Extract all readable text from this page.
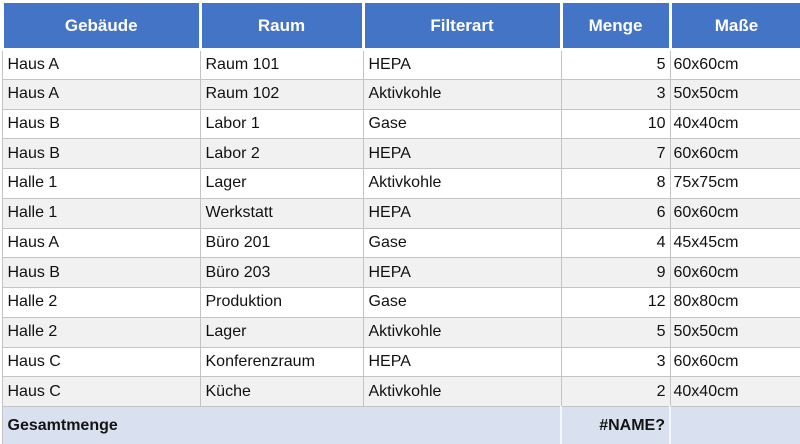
Gebäude	Raum	Filterart	Menge	Maße
Haus A	Raum 101	HEPA	5	60x60cm
Haus A	Raum 102	Aktivkohle	3	50x50cm
Haus B	Labor 1	Gase	10	40x40cm
Haus B	Labor 2	HEPA	7	60x60cm
Halle 1	Lager	Aktivkohle	8	75x75cm
Halle 1	Werkstatt	HEPA	6	60x60cm
Haus A	Büro 201	Gase	4	45x45cm
Haus B	Büro 203	HEPA	9	60x60cm
Halle 2	Produktion	Gase	12	80x80cm
Halle 2	Lager	Aktivkohle	5	50x50cm
Haus C	Konferenzraum	HEPA	3	60x60cm
Haus C	Küche	Aktivkohle	2	40x40cm
Gesamtmenge			#NAME?	
